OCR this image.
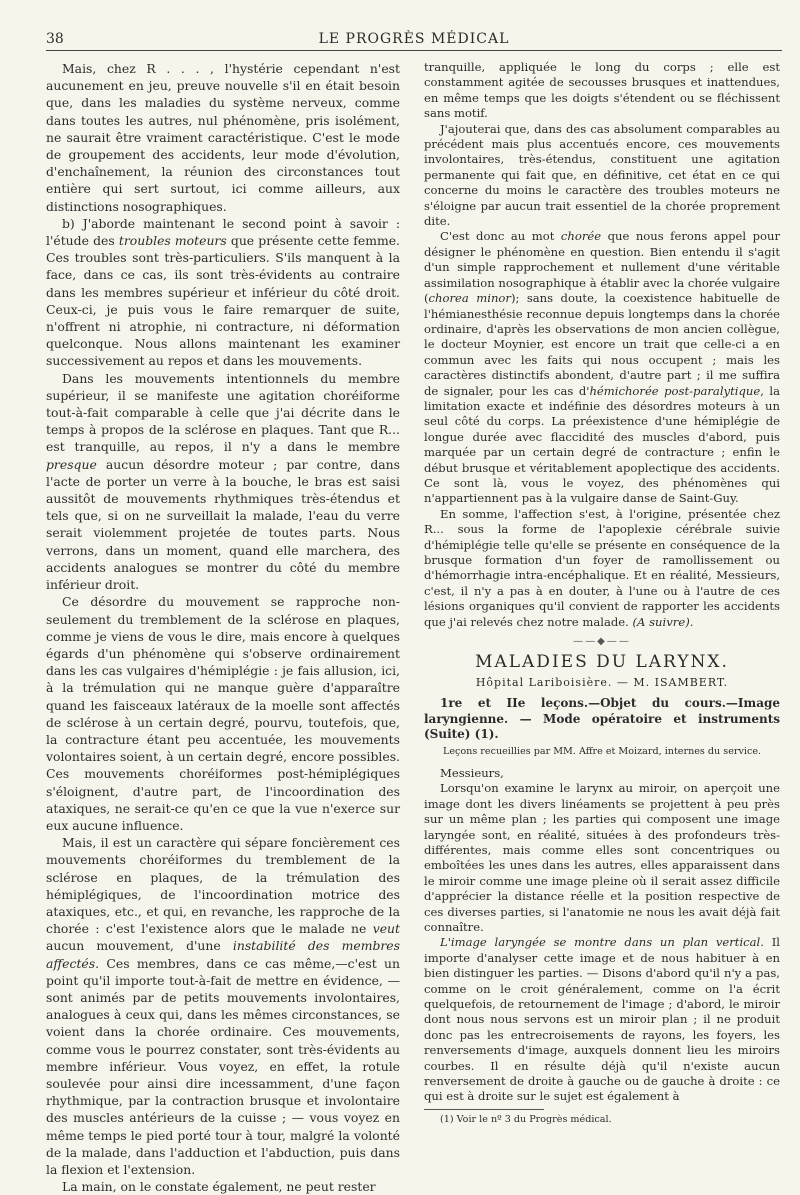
38	LE PROGRÈS MÉDICAL

Mais, chez R . . . , l'hystérie cependant n'est aucunement en jeu, preuve nouvelle s'il en était besoin que, dans les maladies du système nerveux, comme dans toutes les autres, nul phénomène, pris isolément, ne saurait être vraiment caractéristique. C'est le mode de groupement des accidents, leur mode d'évolution, d'enchaînement, la réunion des circonstances tout entière qui sert surtout, ici comme ailleurs, aux distinctions nosographiques.

b) J'aborde maintenant le second point à savoir : l'étude des troubles moteurs que présente cette femme. Ces troubles sont très-particuliers. S'ils manquent à la face, dans ce cas, ils sont très-évidents au contraire dans les membres supérieur et inférieur du côté droit. Ceux-ci, je puis vous le faire remarquer de suite, n'offrent ni atrophie, ni contracture, ni déformation quelconque. Nous allons maintenant les examiner successivement au repos et dans les mouvements.

Dans les mouvements intentionnels du membre supérieur, il se manifeste une agitation choréiforme tout-à-fait comparable à celle que j'ai décrite dans le temps à propos de la sclérose en plaques. Tant que R... est tranquille, au repos, il n'y a dans le membre presque aucun désordre moteur ; par contre, dans l'acte de porter un verre à la bouche, le bras est saisi aussitôt de mouvements rhythmiques très-étendus et tels que, si on ne surveillait la malade, l'eau du verre serait violemment projetée de toutes parts. Nous verrons, dans un moment, quand elle marchera, des accidents analogues se montrer du côté du membre inférieur droit.

Ce désordre du mouvement se rapproche non-seulement du tremblement de la sclérose en plaques, comme je viens de vous le dire, mais encore à quelques égards d'un phénomène qui s'observe ordinairement dans les cas vulgaires d'hémiplégie : je fais allusion, ici, à la trémulation qui ne manque guère d'apparaître quand les faisceaux latéraux de la moelle sont affectés de sclérose à un certain degré, pourvu, toutefois, que, la contracture étant peu accentuée, les mouvements volontaires soient, à un certain degré, encore possibles. Ces mouvements choréiformes post-hémiplégiques s'éloignent, d'autre part, de l'incoordination des ataxiques, ne serait-ce qu'en ce que la vue n'exerce sur eux aucune influence.

Mais, il est un caractère qui sépare foncièrement ces mouvements choréiformes du tremblement de la sclérose en plaques, de la trémulation des hémiplégiques, de l'incoordination motrice des ataxiques, etc., et qui, en revanche, les rapproche de la chorée : c'est l'existence alors que le malade ne veut aucun mouvement, d'une instabilité des membres affectés. Ces membres, dans ce cas même,—c'est un point qu'il importe tout-à-fait de mettre en évidence, — sont animés par de petits mouvements involontaires, analogues à ceux qui, dans les mêmes circonstances, se voient dans la chorée ordinaire. Ces mouvements, comme vous le pourrez constater, sont très-évidents au membre inférieur. Vous voyez, en effet, la rotule soulevée pour ainsi dire incessamment, d'une façon rhythmique, par la contraction brusque et involontaire des muscles antérieurs de la cuisse ; — vous voyez en même temps le pied porté tour à tour, malgré la volonté de la malade, dans l'adduction et l'abduction, puis dans la flexion et l'extension.

La main, on le constate également, ne peut rester

tranquille, appliquée le long du corps ; elle est constamment agitée de secousses brusques et inattendues, en même temps que les doigts s'étendent ou se fléchissent sans motif.

J'ajouterai que, dans des cas absolument comparables au précédent mais plus accentués encore, ces mouvements involontaires, très-étendus, constituent une agitation permanente qui fait que, en définitive, cet état en ce qui concerne du moins le caractère des troubles moteurs ne s'éloigne par aucun trait essentiel de la chorée proprement dite.

C'est donc au mot chorée que nous ferons appel pour désigner le phénomène en question. Bien entendu il s'agit d'un simple rapprochement et nullement d'une véritable assimilation nosographique à établir avec la chorée vulgaire (chorea minor); sans doute, la coexistence habituelle de l'hémianesthésie reconnue depuis longtemps dans la chorée ordinaire, d'après les observations de mon ancien collègue, le docteur Moynier, est encore un trait que celle-ci a en commun avec les faits qui nous occupent ; mais les caractères distinctifs abondent, d'autre part ; il me suffira de signaler, pour les cas d'hémichorée post-paralytique, la limitation exacte et indéfinie des désordres moteurs à un seul côté du corps. La préexistence d'une hémiplégie de longue durée avec flaccidité des muscles d'abord, puis marquée par un certain degré de contracture ; enfin le début brusque et véritablement apoplectique des accidents. Ce sont là, vous le voyez, des phénomènes qui n'appartiennent pas à la vulgaire danse de Saint-Guy.

En somme, l'affection s'est, à l'origine, présentée chez R... sous la forme de l'apoplexie cérébrale suivie d'hémiplégie telle qu'elle se présente en conséquence de la brusque formation d'un foyer de ramollissement ou d'hémorrhagie intra-encéphalique. Et en réalité, Messieurs, c'est, il n'y a pas à en douter, à l'une ou à l'autre de ces lésions organiques qu'il convient de rapporter les accidents que j'ai relevés chez notre malade. (A suivre).

——◆——
MALADIES DU LARYNX.
Hôpital Lariboisière. — M. ISAMBERT.

1re et IIe leçons.—Objet du cours.—Image laryngienne. — Mode opératoire et instruments (Suite) (1).

Leçons recueillies par MM. Affre et Moizard, internes du service.

Messieurs,

Lorsqu'on examine le larynx au miroir, on aperçoit une image dont les divers linéaments se projettent à peu près sur un même plan ; les parties qui composent une image laryngée sont, en réalité, situées à des profondeurs très-différentes, mais comme elles sont concentriques ou emboîtées les unes dans les autres, elles apparaissent dans le miroir comme une image pleine où il serait assez difficile d'apprécier la distance réelle et la position respective de ces diverses parties, si l'anatomie ne nous les avait déjà fait connaître.

L'image laryngée se montre dans un plan vertical. Il importe d'analyser cette image et de nous habituer à en bien distinguer les parties. — Disons d'abord qu'il n'y a pas, comme on le croit généralement, comme on l'a écrit quelquefois, de retournement de l'image ; d'abord, le miroir dont nous nous servons est un miroir plan ; il ne produit donc pas les entrecroisements de rayons, les foyers, les renversements d'image, auxquels donnent lieu les miroirs courbes. Il en résulte déjà qu'il n'existe aucun renversement de droite à gauche ou de gauche à droite : ce qui est à droite sur le sujet est également à

(1) Voir le nº 3 du Progrès médical.
